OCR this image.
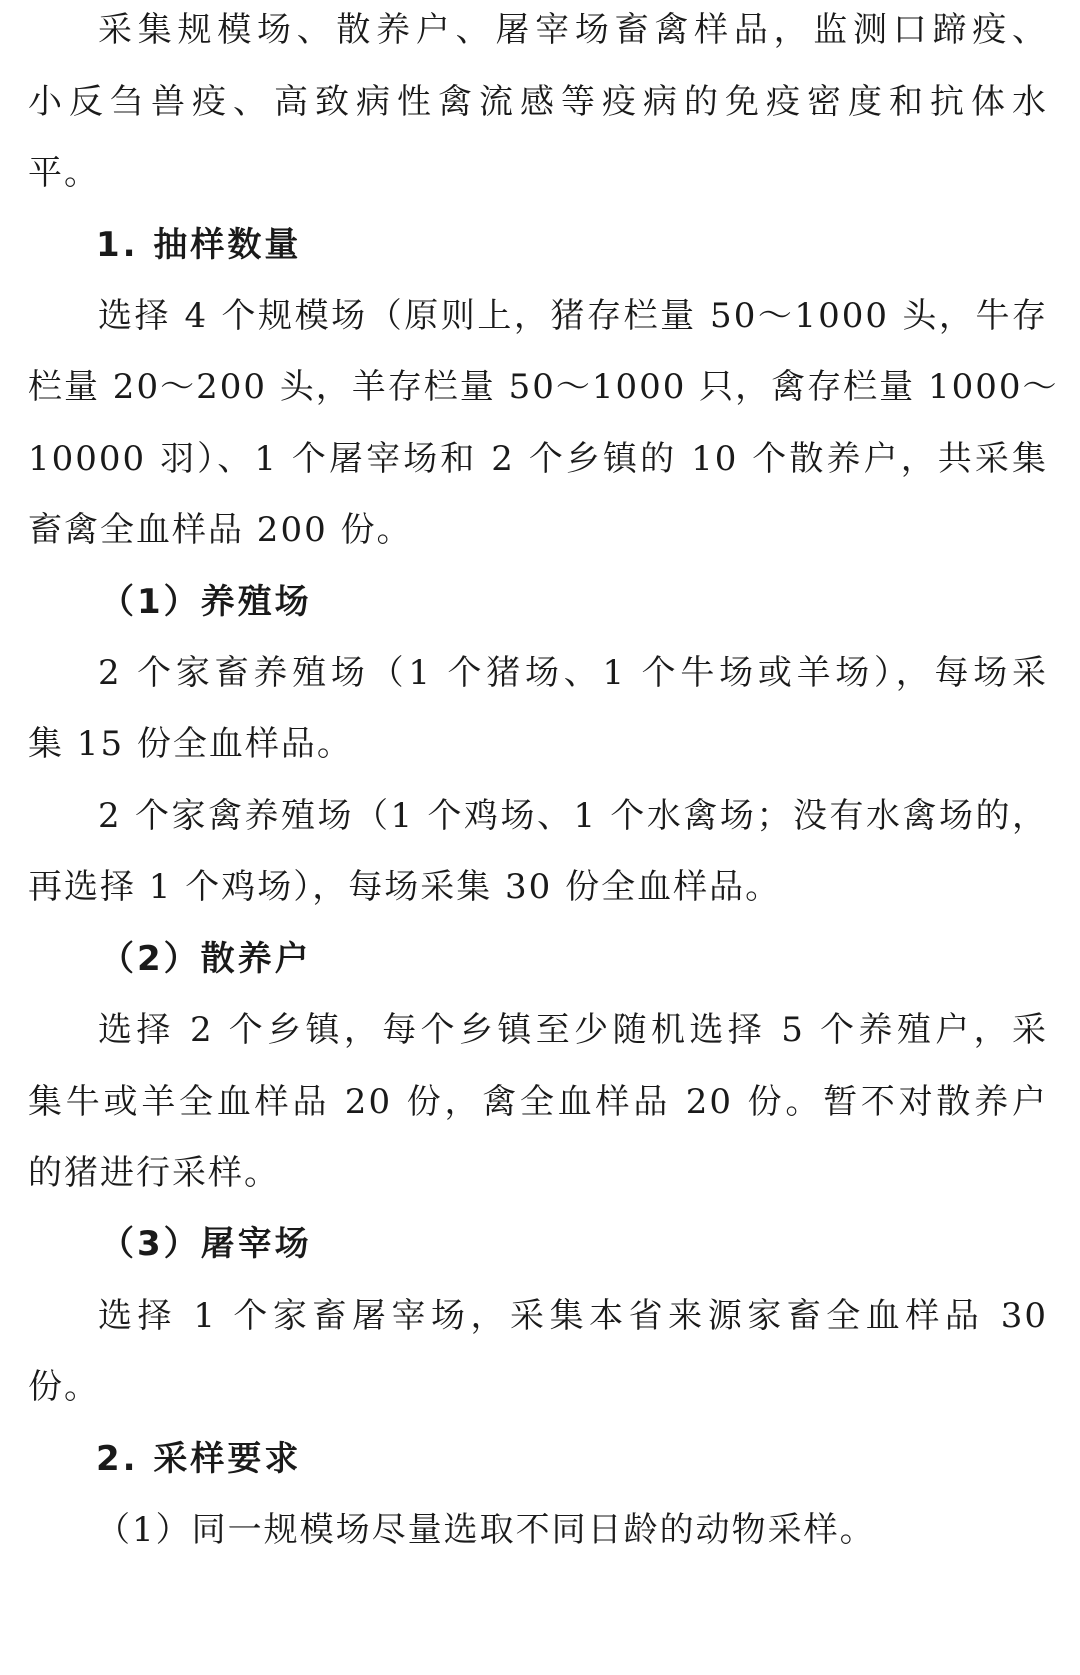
采集规模场、散养户、屠宰场畜禽样品，监测口蹄疫、
小反刍兽疫、高致病性禽流感等疫病的免疫密度和抗体水
平。
1. 抽样数量
选择 4 个规模场（原则上，猪存栏量 50～1000 头，牛存
栏量 20～200 头，羊存栏量 50～1000 只，禽存栏量 1000～
10000 羽）、1 个屠宰场和 2 个乡镇的 10 个散养户，共采集
畜禽全血样品 200 份。
（1）养殖场
2 个家畜养殖场（1 个猪场、1 个牛场或羊场），每场采
集 15 份全血样品。
2 个家禽养殖场（1 个鸡场、1 个水禽场；没有水禽场的，
再选择 1 个鸡场），每场采集 30 份全血样品。
（2）散养户
选择 2 个乡镇，每个乡镇至少随机选择 5 个养殖户，采
集牛或羊全血样品 20 份，禽全血样品 20 份。暂不对散养户
的猪进行采样。
（3）屠宰场
选择 1 个家畜屠宰场，采集本省来源家畜全血样品 30
份。
2. 采样要求
（1）同一规模场尽量选取不同日龄的动物采样。
